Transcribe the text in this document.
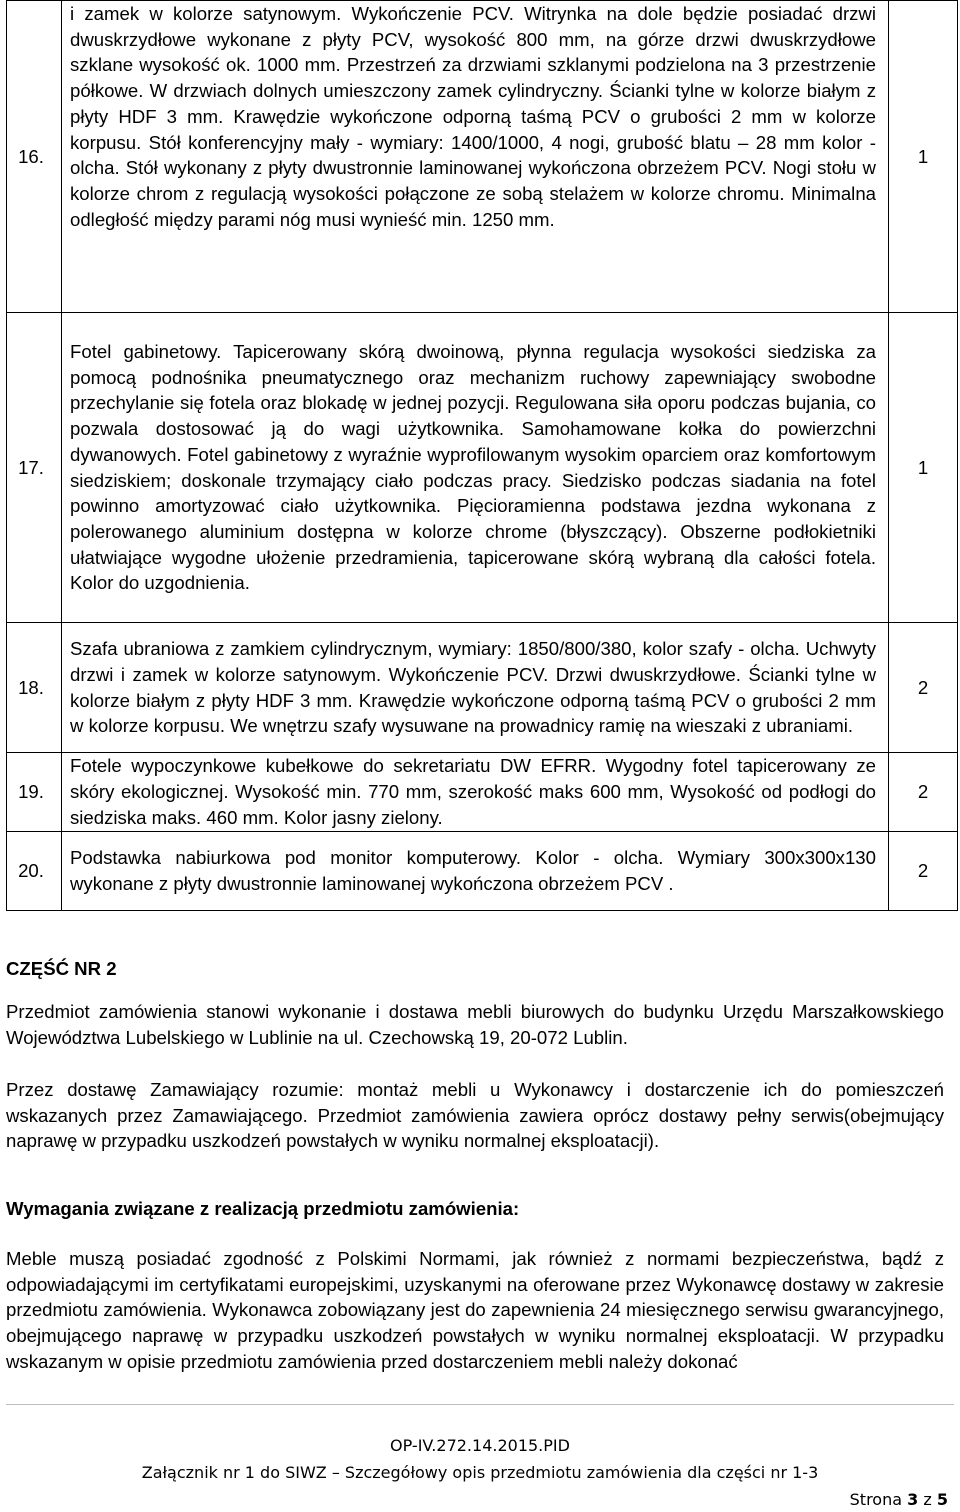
16.	i zamek w kolorze satynowym. Wykończenie PCV. Witrynka na dole będzie posiadać drzwi dwuskrzydłowe wykonane z płyty PCV, wysokość 800 mm, na górze drzwi dwuskrzydłowe szklane wysokość ok. 1000 mm. Przestrzeń za drzwiami szklanymi podzielona na 3 przestrzenie półkowe. W drzwiach dolnych umieszczony zamek cylindryczny. Ścianki tylne w kolorze białym z płyty HDF 3 mm. Krawędzie wykończone odporną taśmą PCV o grubości 2 mm w kolorze korpusu. Stół konferencyjny mały - wymiary: 1400/1000, 4 nogi, grubość blatu – 28 mm kolor - olcha. Stół wykonany z płyty dwustronnie laminowanej wykończona obrzeżem PCV. Nogi stołu w kolorze chrom z regulacją wysokości połączone ze sobą stelażem w kolorze chromu. Minimalna odległość między parami nóg musi wynieść min. 1250 mm.	1
17.	Fotel gabinetowy. Tapicerowany skórą dwoinową, płynna regulacja wysokości siedziska za pomocą podnośnika pneumatycznego oraz mechanizm ruchowy zapewniający swobodne przechylanie się fotela oraz blokadę w jednej pozycji. Regulowana siła oporu podczas bujania, co pozwala dostosować ją do wagi użytkownika. Samohamowane kołka do powierzchni dywanowych. Fotel gabinetowy z wyraźnie wyprofilowanym wysokim oparciem oraz komfortowym siedziskiem; doskonale trzymający ciało podczas pracy. Siedzisko podczas siadania na fotel powinno amortyzować ciało użytkownika. Pięcioramienna podstawa jezdna wykonana z polerowanego aluminium dostępna w kolorze chrome (błyszczący). Obszerne podłokietniki ułatwiające wygodne ułożenie przedramienia, tapicerowane skórą wybraną dla całości fotela. Kolor do uzgodnienia.	1
18.	Szafa ubraniowa z zamkiem cylindrycznym, wymiary: 1850/800/380, kolor szafy - olcha. Uchwyty drzwi i zamek w kolorze satynowym. Wykończenie PCV. Drzwi dwuskrzydłowe. Ścianki tylne w kolorze białym z płyty HDF 3 mm. Krawędzie wykończone odporną taśmą PCV o grubości 2 mm w kolorze korpusu. We wnętrzu szafy wysuwane na prowadnicy ramię na wieszaki z ubraniami.	2
19.	Fotele wypoczynkowe kubełkowe do sekretariatu DW EFRR. Wygodny fotel tapicerowany ze skóry ekologicznej. Wysokość min. 770 mm, szerokość maks 600 mm, Wysokość od podłogi do siedziska maks. 460 mm. Kolor jasny zielony.	2
20.	Podstawka nabiurkowa pod monitor komputerowy. Kolor - olcha. Wymiary 300x300x130 wykonane z płyty dwustronnie laminowanej wykończona obrzeżem PCV .	2
CZĘŚĆ NR 2

Przedmiot zamówienia stanowi wykonanie i dostawa mebli biurowych do budynku Urzędu Marszałkowskiego Województwa Lubelskiego w Lublinie na ul. Czechowską 19, 20-072 Lublin.

Przez dostawę Zamawiający rozumie: montaż mebli u Wykonawcy i dostarczenie ich do pomieszczeń wskazanych przez Zamawiającego. Przedmiot zamówienia zawiera oprócz dostawy pełny serwis(obejmujący naprawę w przypadku uszkodzeń powstałych w wyniku normalnej eksploatacji).

Wymagania związane z realizacją przedmiotu zamówienia:

Meble muszą posiadać zgodność z Polskimi Normami, jak również z normami bezpieczeństwa, bądź z odpowiadającymi im certyfikatami europejskimi, uzyskanymi na oferowane przez Wykonawcę dostawy w zakresie przedmiotu zamówienia. Wykonawca zobowiązany jest do zapewnienia 24 miesięcznego serwisu gwarancyjnego, obejmującego naprawę w przypadku uszkodzeń powstałych w wyniku normalnej eksploatacji. W przypadku wskazanym w opisie przedmiotu zamówienia przed dostarczeniem mebli należy dokonać

OP-IV.272.14.2015.PID
Załącznik nr 1 do SIWZ – Szczegółowy opis przedmiotu zamówienia dla części nr 1-3
Strona 3 z 5
